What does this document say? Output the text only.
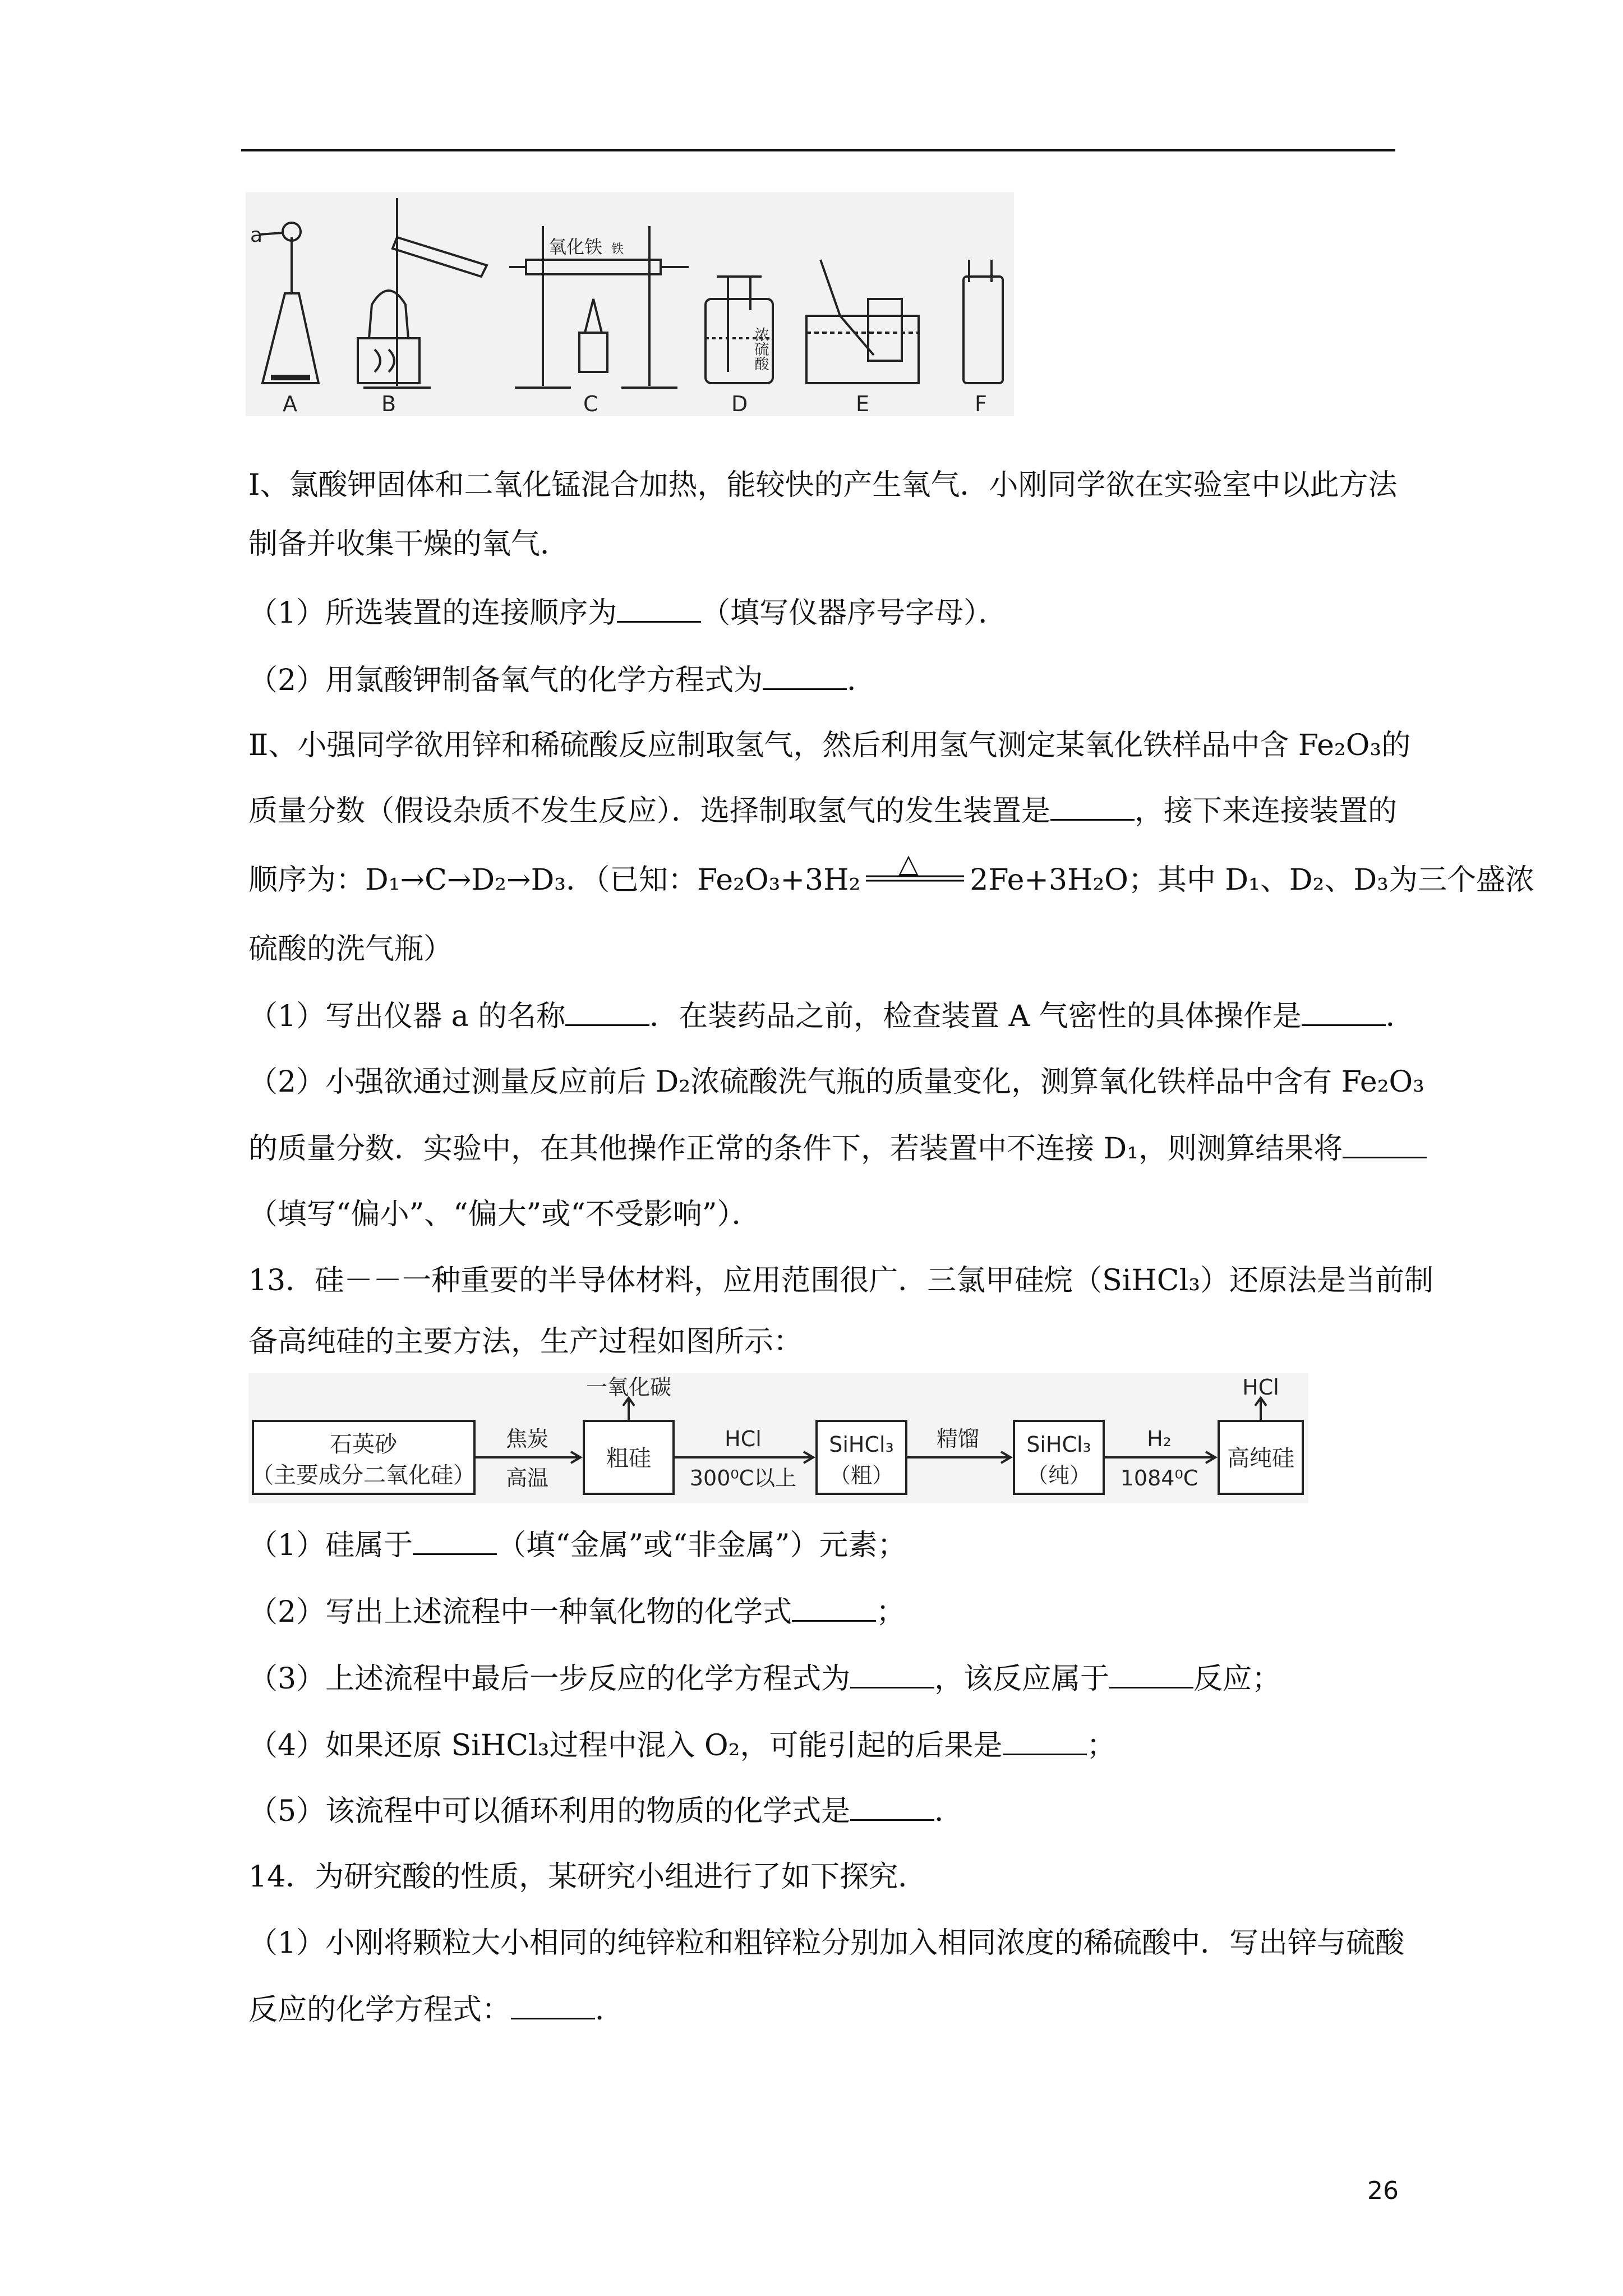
氧化铁 铁
浓硫酸
a
A	B	C	D	E	F
Ⅰ、氯酸钾固体和二氧化锰混合加热，能较快的产生氧气．小刚同学欲在实验室中以此方法
制备并收集干燥的氧气．
（1）所选装置的连接顺序为	（填写仪器序号字母）．
（2）用氯酸钾制备氧气的化学方程式为	．
Ⅱ、小强同学欲用锌和稀硫酸反应制取氢气，然后利用氢气测定某氧化铁样品中含 Fe₂O₃的
质量分数（假设杂质不发生反应）．选择制取氢气的发生装置是	，接下来连接装置的
顺序为：D₁→C→D₂→D₃．（已知：Fe₂O₃+3H₂
△
2Fe+3H₂O；其中 D₁、D₂、D₃为三个盛浓
硫酸的洗气瓶）
（1）写出仪器 a 的名称	．在装药品之前，检查装置 A 气密性的具体操作是	．
（2）小强欲通过测量反应前后 D₂浓硫酸洗气瓶的质量变化，测算氧化铁样品中含有 Fe₂O₃
的质量分数．实验中，在其他操作正常的条件下，若装置中不连接 D₁，则测算结果将
（填写“偏小”、“偏大”或“不受影响”）．
13．硅－－一种重要的半导体材料，应用范围很广．三氯甲硅烷（SiHCl₃）还原法是当前制
备高纯硅的主要方法，生产过程如图所示：
石英砂
（主要成分二氧化硅）
焦炭
高温
粗硅
一氧化碳
HCl
300⁰C以上
SiHCl₃
（粗）
精馏 SiHCl₃
（纯）
H₂
1084⁰C
高纯硅
HCl
（1）硅属于	（填“金属”或“非金属”）元素；
（2）写出上述流程中一种氧化物的化学式	；
（3）上述流程中最后一步反应的化学方程式为	，该反应属于	反应；
（4）如果还原 SiHCl₃过程中混入 O₂，可能引起的后果是	；
（5）该流程中可以循环利用的物质的化学式是	．
14．为研究酸的性质，某研究小组进行了如下探究．
（1）小刚将颗粒大小相同的纯锌粒和粗锌粒分别加入相同浓度的稀硫酸中．写出锌与硫酸
反应的化学方程式：	．
26
